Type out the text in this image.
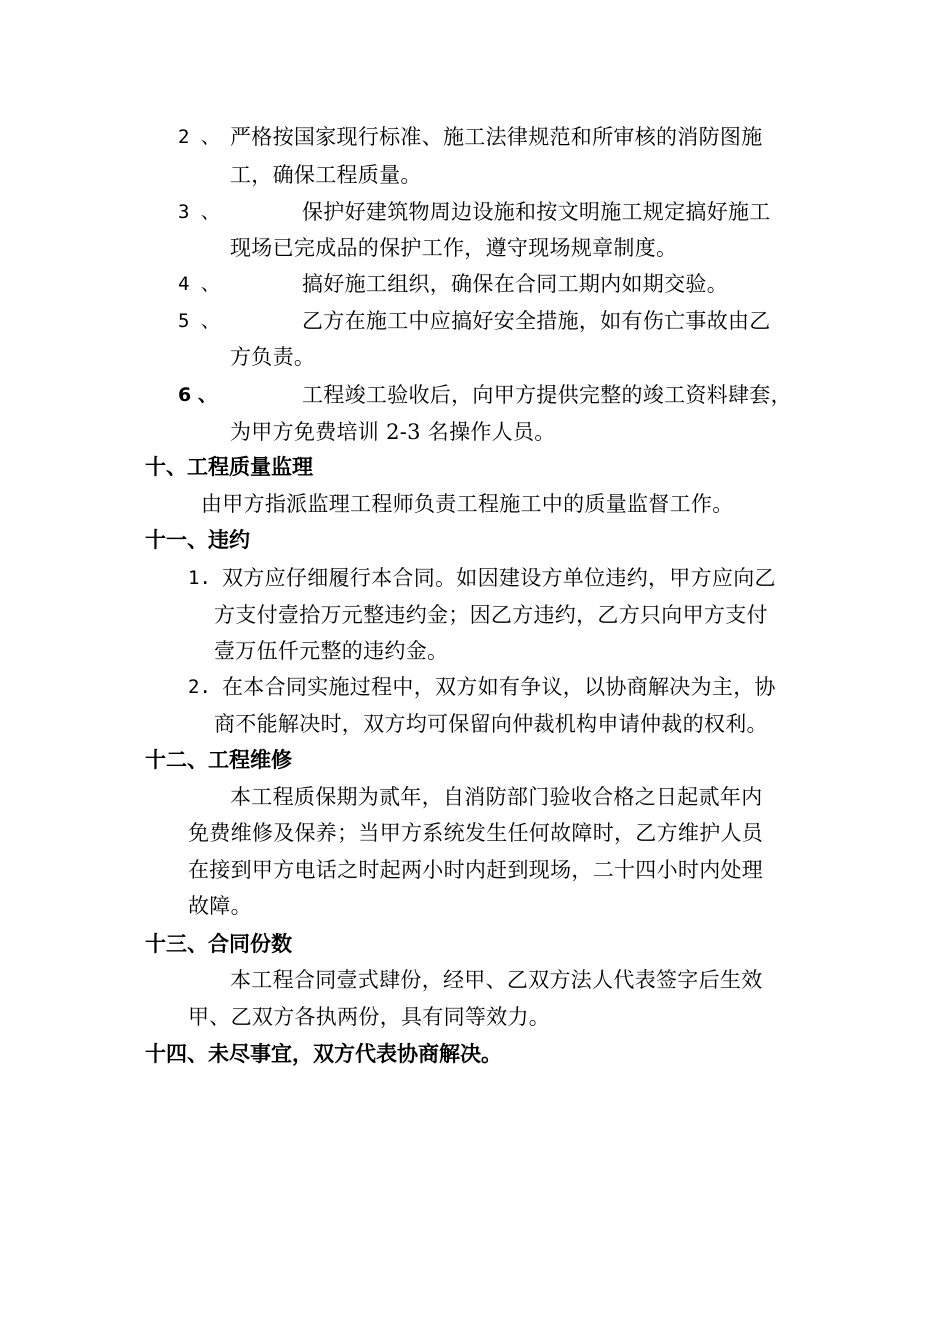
2 、 严格按国家现行标准、施工法律规范和所审核的消防图施
工，确保工程质量。
3 、	保护好建筑物周边设施和按文明施工规定搞好施工
现场已完成品的保护工作，遵守现场规章制度。
4 、	搞好施工组织，确保在合同工期内如期交验。
5 、	乙方在施工中应搞好安全措施，如有伤亡事故由乙
方负责。
6 、	工程竣工验收后，向甲方提供完整的竣工资料肆套，
为甲方免费培训 2-3 名操作人员。
十、工程质量监理
由甲方指派监理工程师负责工程施工中的质量监督工作。
十一、违约
1. 双方应仔细履行本合同。如因建设方单位违约，甲方应向乙
方支付壹拾万元整违约金；因乙方违约，乙方只向甲方支付
壹万伍仟元整的违约金。
2. 在本合同实施过程中，双方如有争议，以协商解决为主，协
商不能解决时，双方均可保留向仲裁机构申请仲裁的权利。
十二、工程维修
本工程质保期为贰年，自消防部门验收合格之日起贰年内
免费维修及保养；当甲方系统发生任何故障时，乙方维护人员
在接到甲方电话之时起两小时内赶到现场，二十四小时内处理
故障。
十三、合同份数
本工程合同壹式肆份，经甲、乙双方法人代表签字后生效
甲、乙双方各执两份，具有同等效力。
十四、未尽事宜，双方代表协商解决。
